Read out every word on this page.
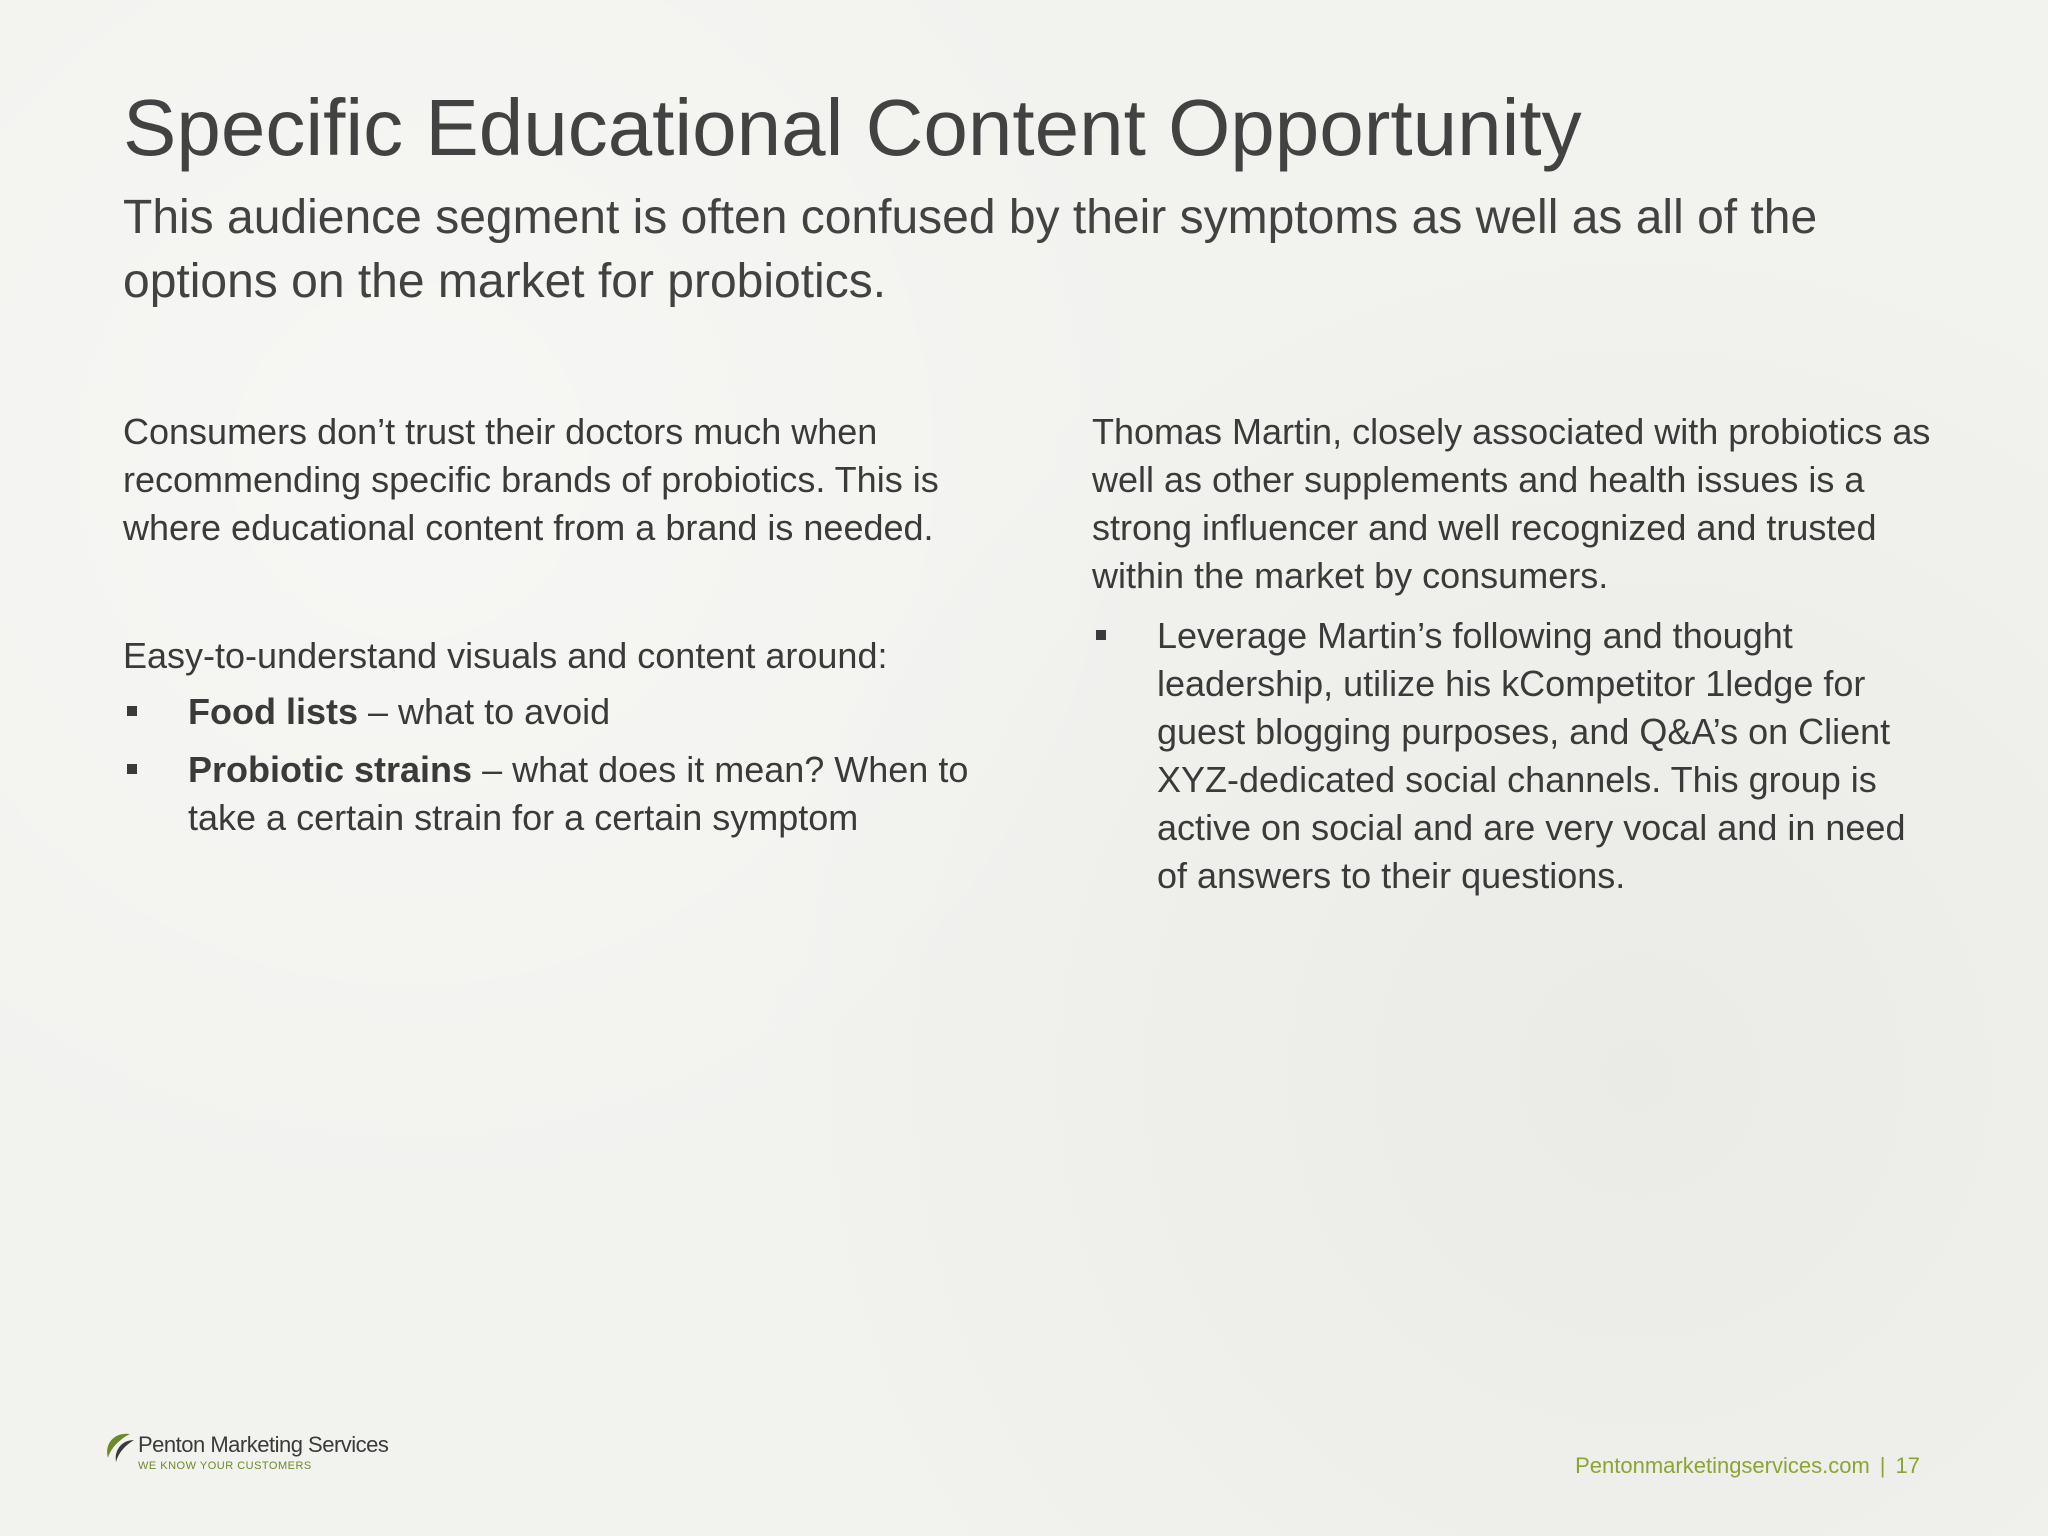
Specific Educational Content Opportunity
This audience segment is often confused by their symptoms as well as all of the options on the market for probiotics.
Consumers don’t trust their doctors much when recommending specific brands of probiotics. This is where educational content from a brand is needed.
Easy-to-understand visuals and content around:
Food lists – what to avoid
Probiotic strains – what does it mean? When to take a certain strain for a certain symptom
Thomas Martin, closely associated with probiotics as well as other supplements and health issues is a strong influencer and well recognized and trusted within the market by consumers.
Leverage Martin’s following and thought leadership, utilize his kCompetitor 1ledge for guest blogging purposes, and Q&A’s on Client XYZ-dedicated social channels. This group is active on social and are very vocal and in need of answers to their questions.
Penton Marketing Services
WE KNOW YOUR CUSTOMERS	Pentonmarketingservices.com | 17
